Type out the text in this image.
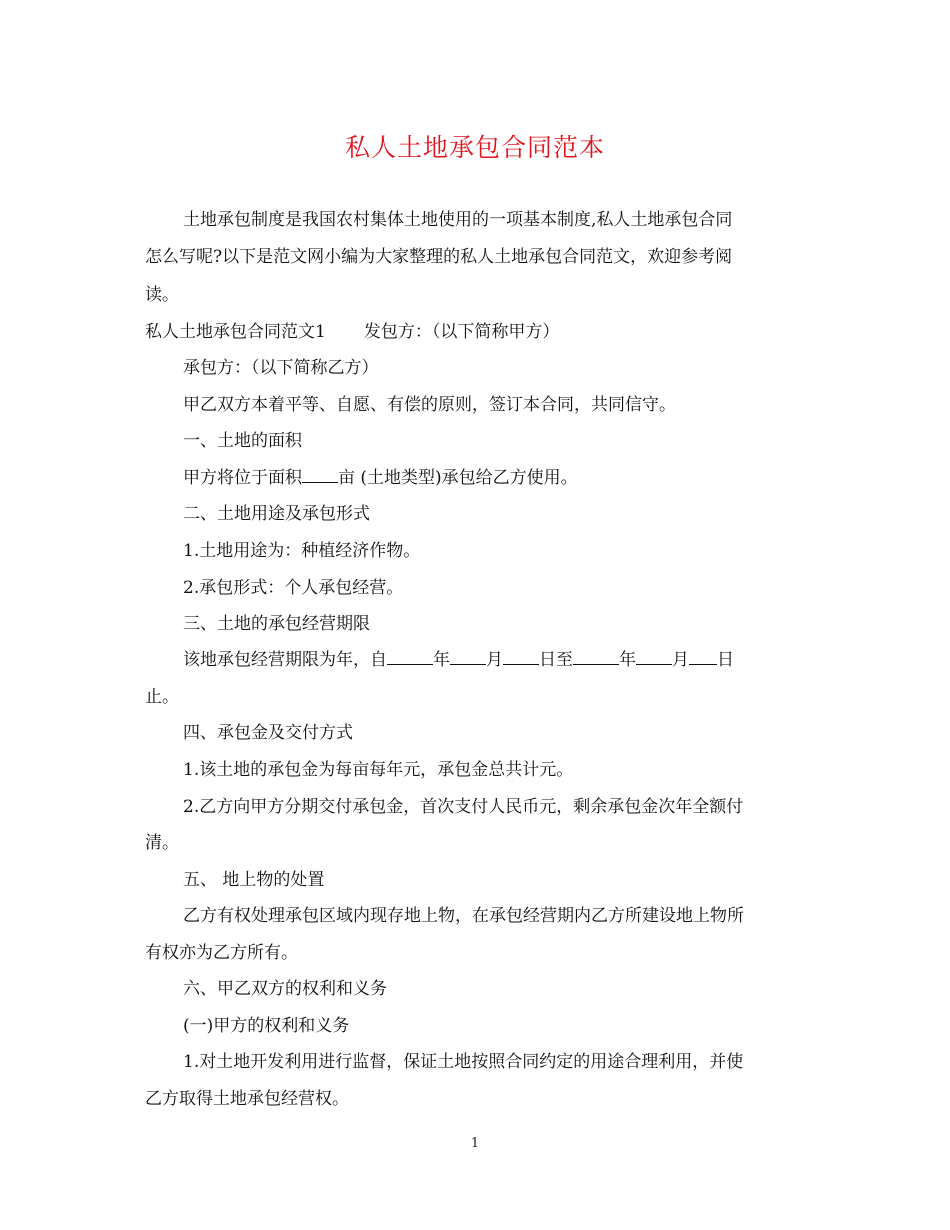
私人土地承包合同范本
土地承包制度是我国农村集体土地使用的一项基本制度,私人土地承包合同
怎么写呢?以下是范文网小编为大家整理的私人土地承包合同范文，欢迎参考阅
读。
私人土地承包合同范文1 发包方：（以下简称甲方）
承包方：（以下简称乙方）
甲乙双方本着平等、自愿、有偿的原则，签订本合同，共同信守。
一、土地的面积
甲方将位于面积 亩 (土地类型)承包给乙方使用。
二、土地用途及承包形式
1.土地用途为：种植经济作物。
2.承包形式：个人承包经营。
三、土地的承包经营期限
该地承包经营期限为年，自	年 月 日至	年 月 日
止。
四、承包金及交付方式
1.该土地的承包金为每亩每年元，承包金总共计元。
2.乙方向甲方分期交付承包金，首次支付人民币元，剩余承包金次年全额付
清。
五、 地上物的处置
乙方有权处理承包区域内现存地上物，在承包经营期内乙方所建设地上物所
有权亦为乙方所有。
六、甲乙双方的权利和义务
(一)甲方的权利和义务
1.对土地开发利用进行监督，保证土地按照合同约定的用途合理利用，并使
乙方取得土地承包经营权。
1
